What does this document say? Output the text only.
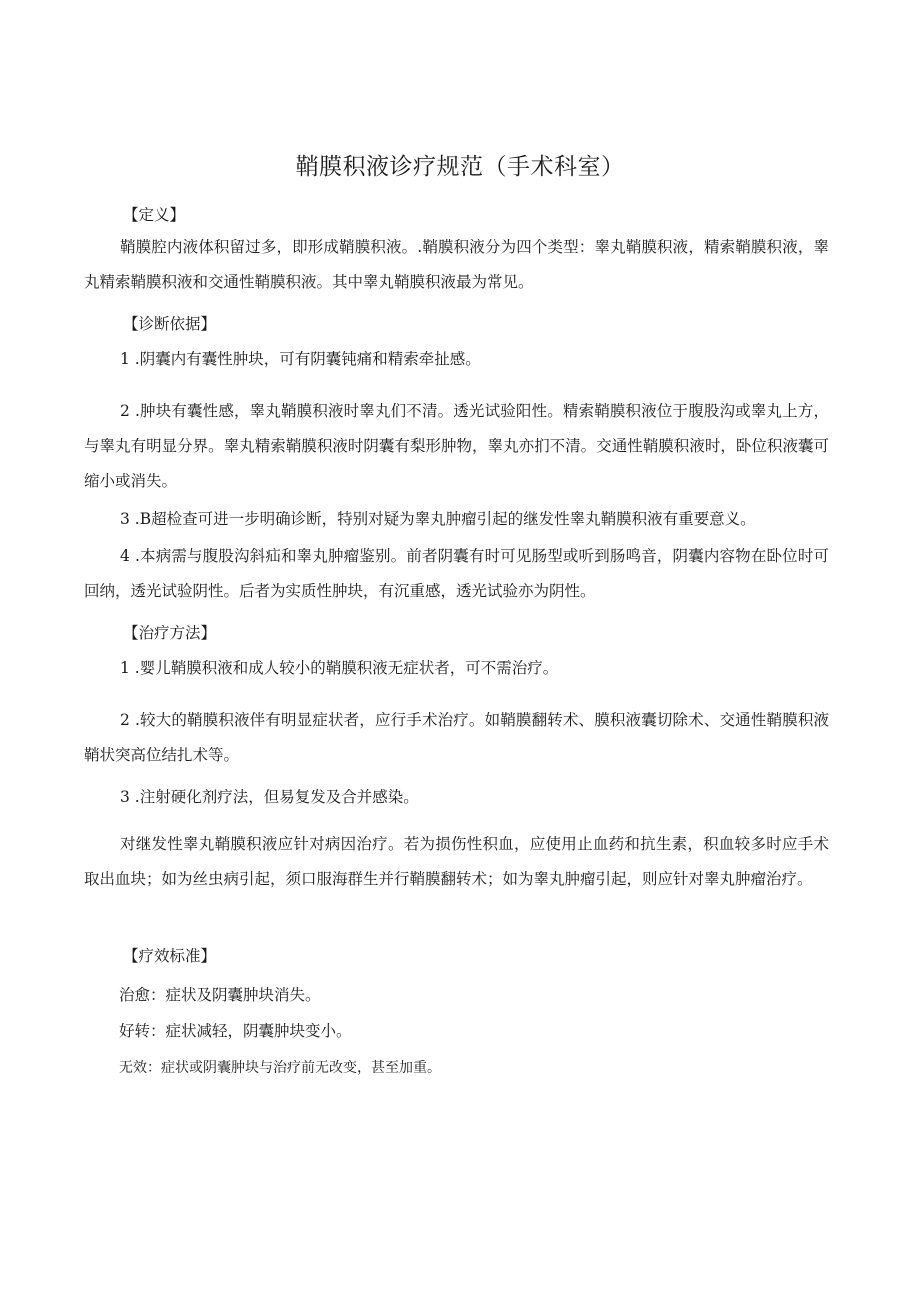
鞘膜积液诊疗规范（手术科室）
【定义】
鞘膜腔内液体积留过多，即形成鞘膜积液。.鞘膜积液分为四个类型：睾丸鞘膜积液，精索鞘膜积液，睾丸精索鞘膜积液和交通性鞘膜积液。其中睾丸鞘膜积液最为常见。
【诊断依据】
1 .阴囊内有囊性肿块，可有阴囊钝痛和精索牵扯感。
2 .肿块有囊性感，睾丸鞘膜积液时睾丸们不清。透光试验阳性。精索鞘膜积液位于腹股沟或睾丸上方，与睾丸有明显分界。睾丸精索鞘膜积液时阴囊有梨形肿物，睾丸亦扪不清。交通性鞘膜积液时，卧位积液囊可缩小或消失。
3 .B超检查可进一步明确诊断，特别对疑为睾丸肿瘤引起的继发性睾丸鞘膜积液有重要意义。
4 .本病需与腹股沟斜疝和睾丸肿瘤鉴别。前者阴囊有时可见肠型或听到肠鸣音，阴囊内容物在卧位时可回纳，透光试验阴性。后者为实质性肿块，有沉重感，透光试验亦为阴性。
【治疗方法】
1 .婴儿鞘膜积液和成人较小的鞘膜积液无症状者，可不需治疗。
2 .较大的鞘膜积液伴有明显症状者，应行手术治疗。如鞘膜翻转术、膜积液囊切除术、交通性鞘膜积液鞘状突高位结扎术等。
3 .注射硬化剂疗法，但易复发及合并感染。
对继发性睾丸鞘膜积液应针对病因治疗。若为损伤性积血，应使用止血药和抗生素，积血较多时应手术取出血块；如为丝虫病引起，须口服海群生并行鞘膜翻转术；如为睾丸肿瘤引起，则应针对睾丸肿瘤治疗。
【疗效标准】
治愈：症状及阴囊肿块消失。
好转：症状减轻，阴囊肿块变小。
无效：症状或阴囊肿块与治疗前无改变，甚至加重。
